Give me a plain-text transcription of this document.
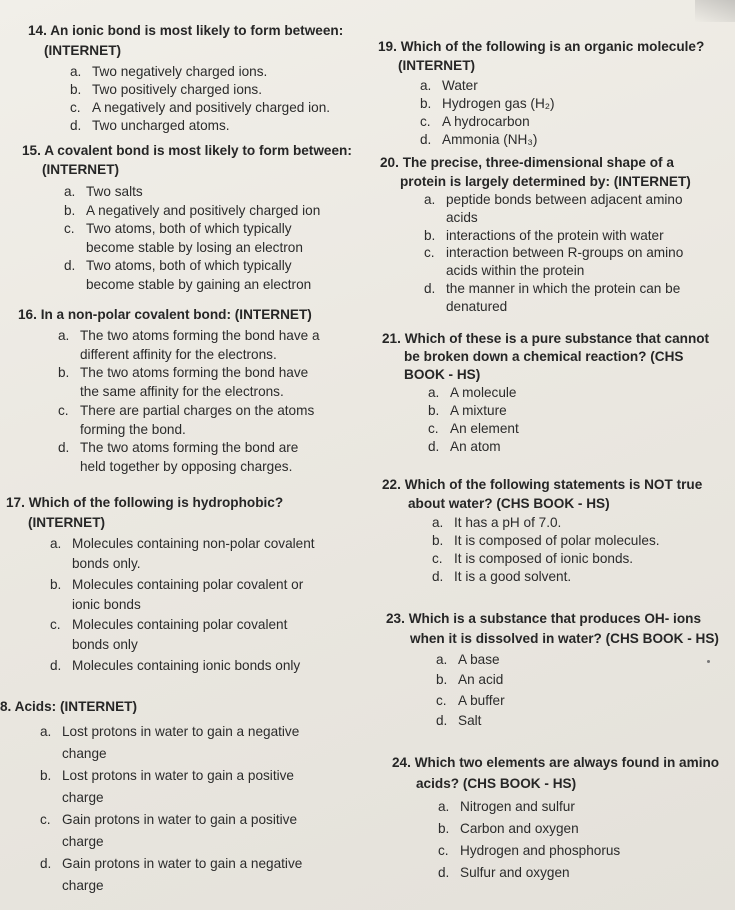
14. An ionic bond is most likely to form between:
(INTERNET)
a. Two negatively charged ions.
b. Two positively charged ions.
c. A negatively and positively charged ion.
d. Two uncharged atoms.
15. A covalent bond is most likely to form between:
(INTERNET)
a. Two salts
b. A negatively and positively charged ion
c. Two atoms, both of which typically
become stable by losing an electron
d. Two atoms, both of which typically
become stable by gaining an electron
16. In a non-polar covalent bond: (INTERNET)
a. The two atoms forming the bond have a
different affinity for the electrons.
b. The two atoms forming the bond have
the same affinity for the electrons.
c. There are partial charges on the atoms
forming the bond.
d. The two atoms forming the bond are
held together by opposing charges.
17. Which of the following is hydrophobic?
(INTERNET)
a. Molecules containing non-polar covalent
bonds only.
b. Molecules containing polar covalent or
ionic bonds
c. Molecules containing polar covalent
bonds only
d. Molecules containing ionic bonds only
8. Acids: (INTERNET)
a. Lost protons in water to gain a negative
change
b. Lost protons in water to gain a positive
charge
c. Gain protons in water to gain a positive
charge
d. Gain protons in water to gain a negative
charge
19. Which of the following is an organic molecule?
(INTERNET)
a. Water
b. Hydrogen gas (H₂)
c. A hydrocarbon
d. Ammonia (NH₃)
20. The precise, three-dimensional shape of a
protein is largely determined by: (INTERNET)
a. peptide bonds between adjacent amino
acids
b. interactions of the protein with water
c. interaction between R-groups on amino
acids within the protein
d. the manner in which the protein can be
denatured
21. Which of these is a pure substance that cannot
be broken down a chemical reaction? (CHS
BOOK - HS)
a. A molecule
b. A mixture
c. An element
d. An atom
22. Which of the following statements is NOT true
about water? (CHS BOOK - HS)
a. It has a pH of 7.0.
b. It is composed of polar molecules.
c. It is composed of ionic bonds.
d. It is a good solvent.
23. Which is a substance that produces OH- ions
when it is dissolved in water? (CHS BOOK - HS)
a. A base
b. An acid
c. A buffer
d. Salt
24. Which two elements are always found in amino
acids? (CHS BOOK - HS)
a. Nitrogen and sulfur
b. Carbon and oxygen
c. Hydrogen and phosphorus
d. Sulfur and oxygen
